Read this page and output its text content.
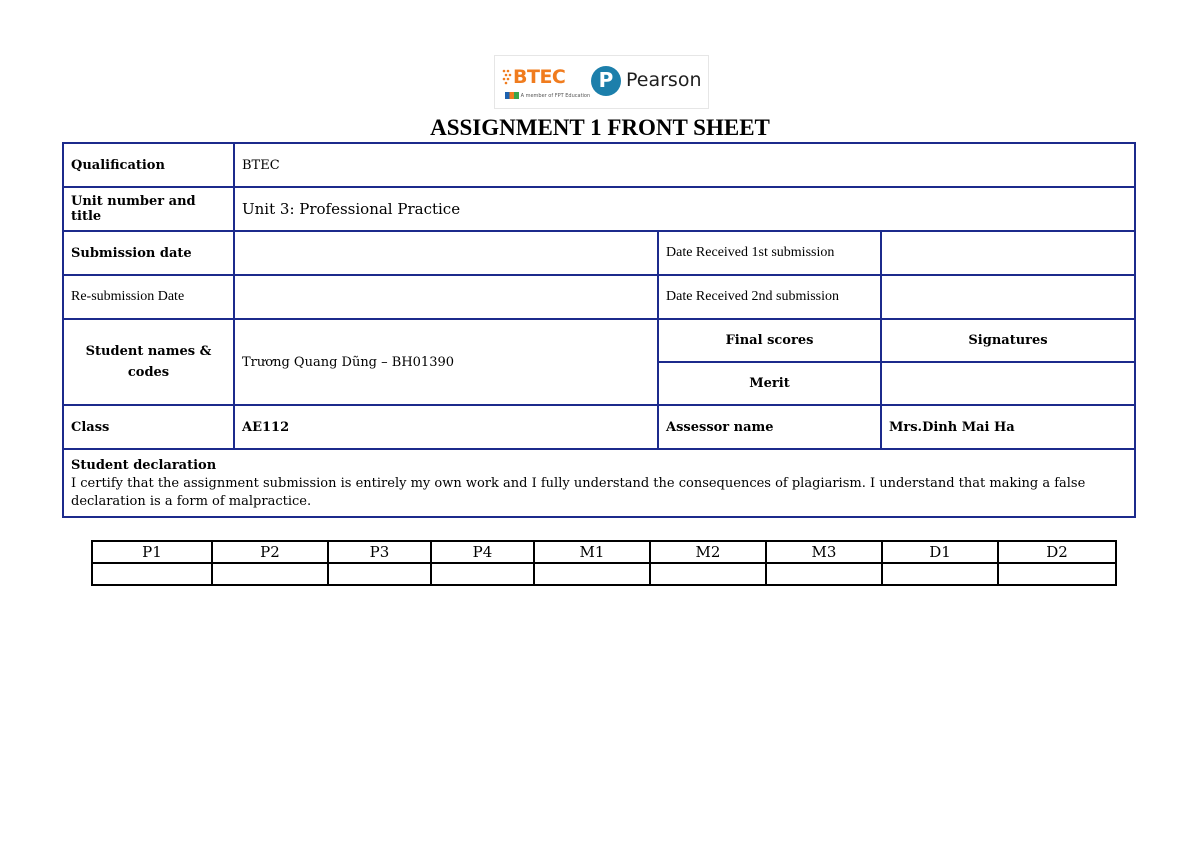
BTEC
A member of FPT Education
P Pearson
ASSIGNMENT 1 FRONT SHEET
Qualification	BTEC		
Unit number and title	Unit 3: Professional Practice		
Submission date		Date Received 1st submission	
Re-submission Date		Date Received 2nd submission	
Student names & codes	Trương Quang Dũng – BH01390	Final scores	Signatures
		Merit	
Class	AE112	Assessor name	Mrs.Dinh Mai Ha

Student declaration
I certify that the assignment submission is entirely my own work and I fully understand the consequences of plagiarism. I understand that making a false declaration is a form of malpractice.			
P1	P2	P3	P4	M1	M2	M3	D1	D2
